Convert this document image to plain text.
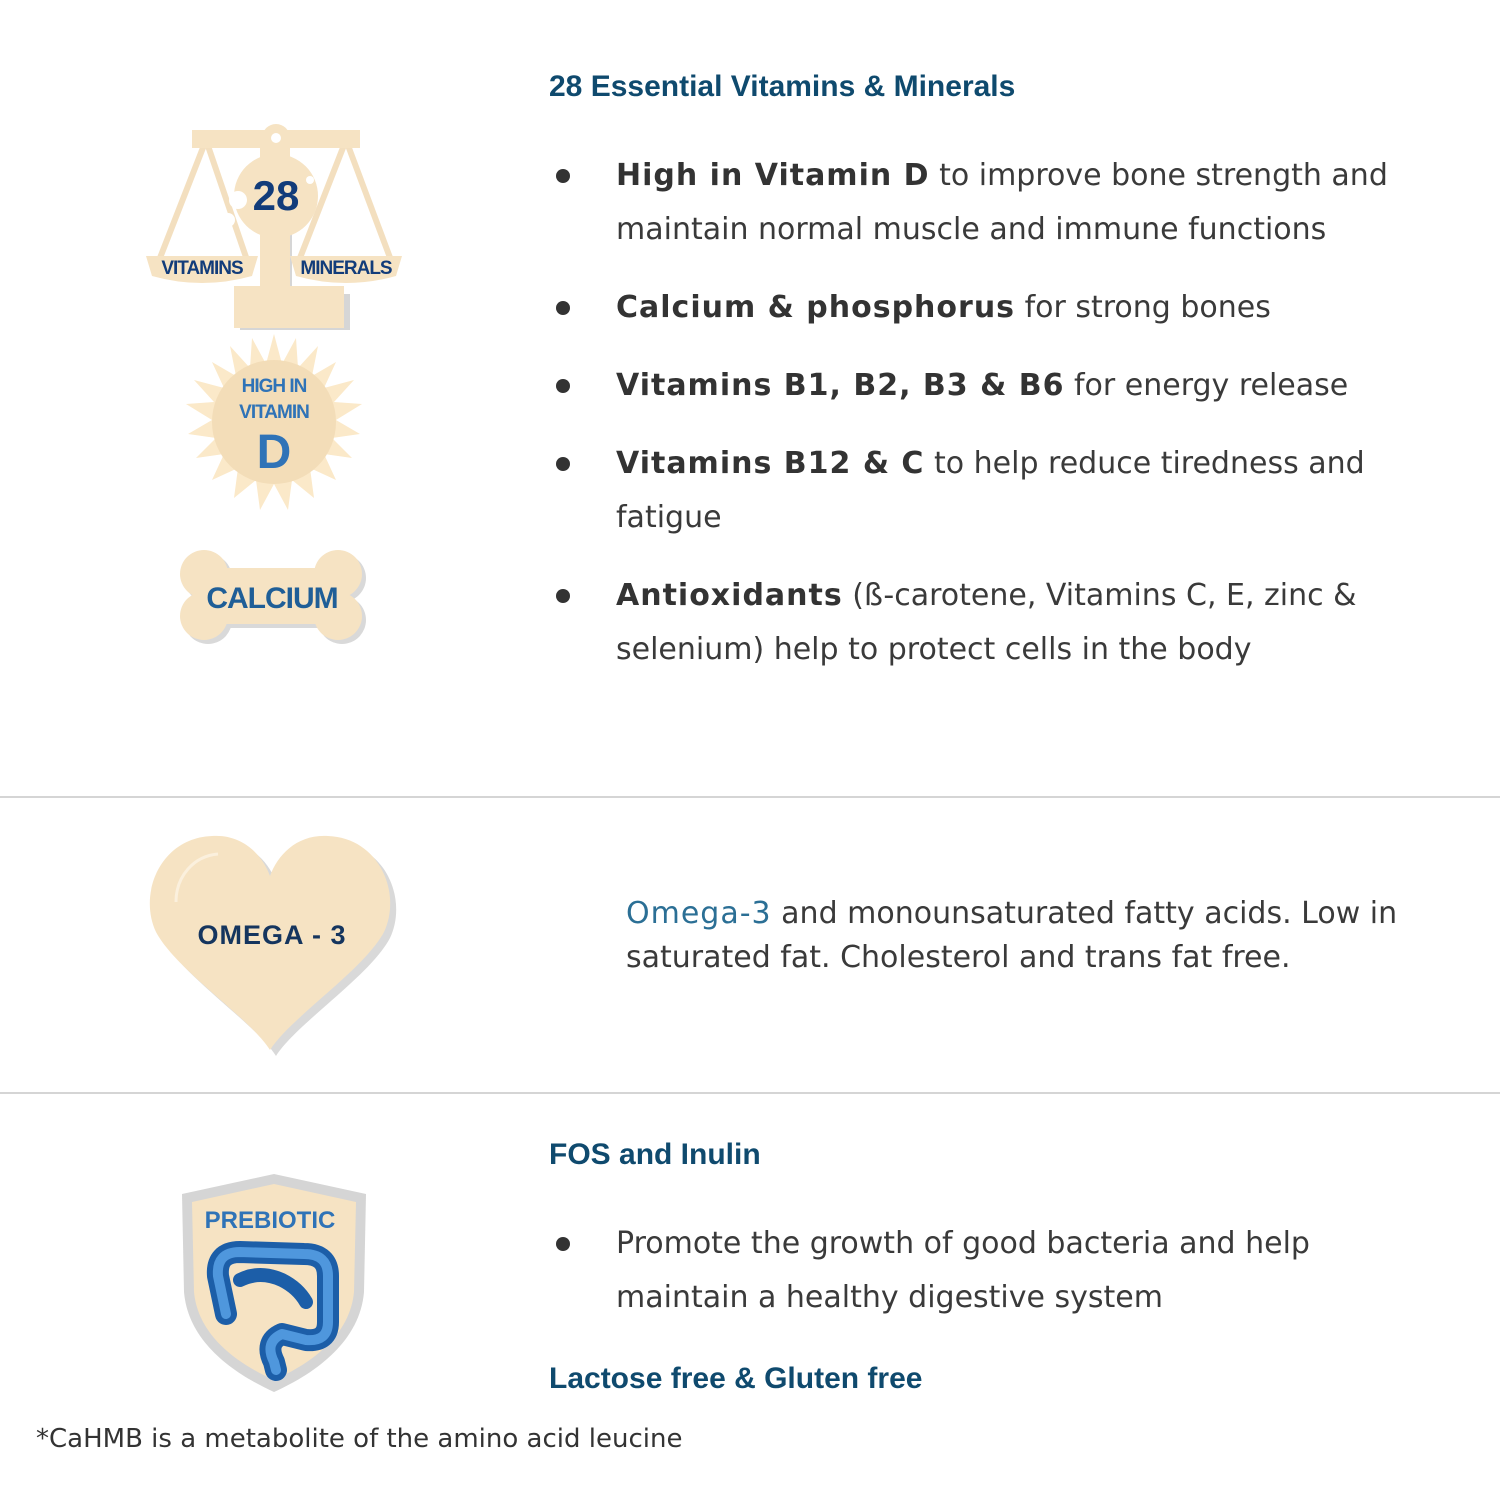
28 Essential Vitamins & Minerals
28
VITAMINS	MINERALS
HIGH IN
VITAMIN
D
CALCIUM
High in Vitamin D to improve bone strength and maintain normal muscle and immune functions
Calcium & phosphorus for strong bones
Vitamins B1, B2, B3 & B6 for energy release
Vitamins B12 & C to help reduce tiredness and fatigue
Antioxidants (ß-carotene, Vitamins C, E, zinc & selenium) help to protect cells in the body
OMEGA - 3
Omega-3 and monounsaturated fatty acids. Low in saturated fat. Cholesterol and trans fat free.
PREBIOTIC
FOS and Inulin
Promote the growth of good bacteria and help maintain a healthy digestive system
Lactose free & Gluten free
*CaHMB is a metabolite of the amino acid leucine
